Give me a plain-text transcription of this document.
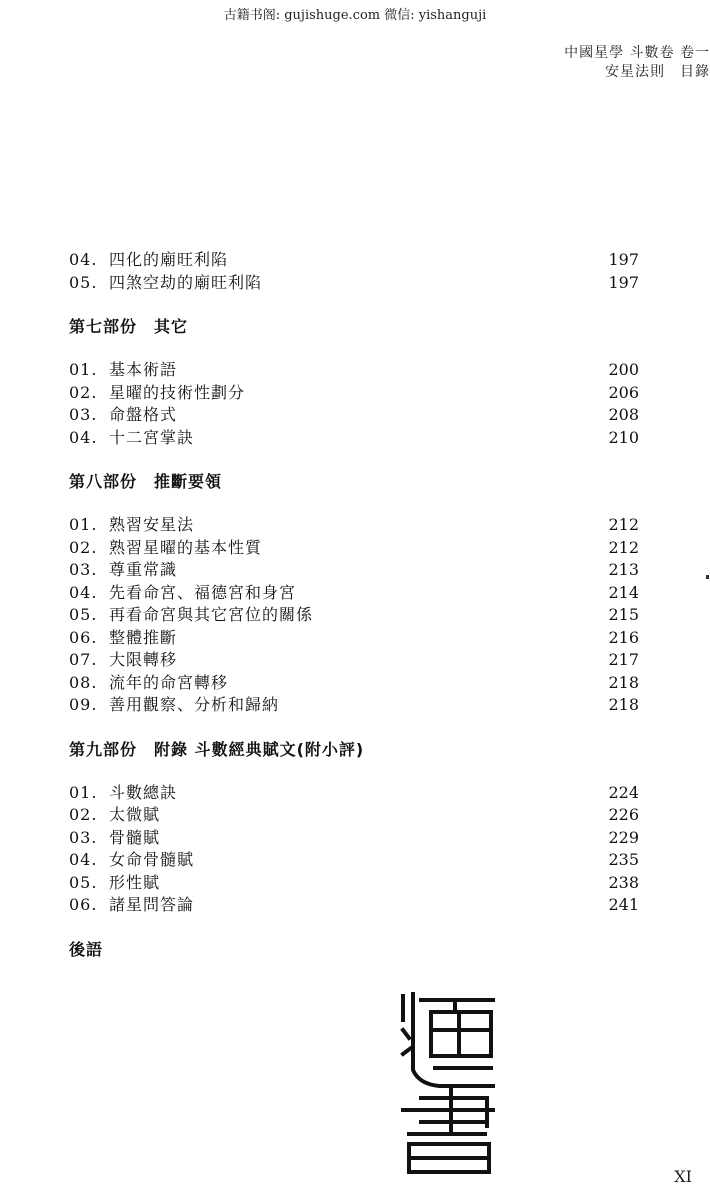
古籍书阁: gujishuge.com 微信: yishanguji
中國星學 斗數卷 卷一
安星法則　目錄
04. 四化的廟旺利陷	197
05. 四煞空劫的廟旺利陷	197
第七部份　其它
01. 基本術語	200
02. 星曜的技術性劃分	206
03. 命盤格式	208
04. 十二宮掌訣	210
第八部份　推斷要領
01. 熟習安星法	212
02. 熟習星曜的基本性質	212
03. 尊重常識	213
04. 先看命宮、福德宮和身宮	214
05. 再看命宮與其它宮位的關係	215
06. 整體推斷	216
07. 大限轉移	217
08. 流年的命宮轉移	218
09. 善用觀察、分析和歸納	218
第九部份　附錄 斗數經典賦文(附小評)
01. 斗數總訣	224
02. 太微賦	226
03. 骨髓賦	229
04. 女命骨髓賦	235
05. 形性賦	238
06. 諸星問答論	241
後語
XI
